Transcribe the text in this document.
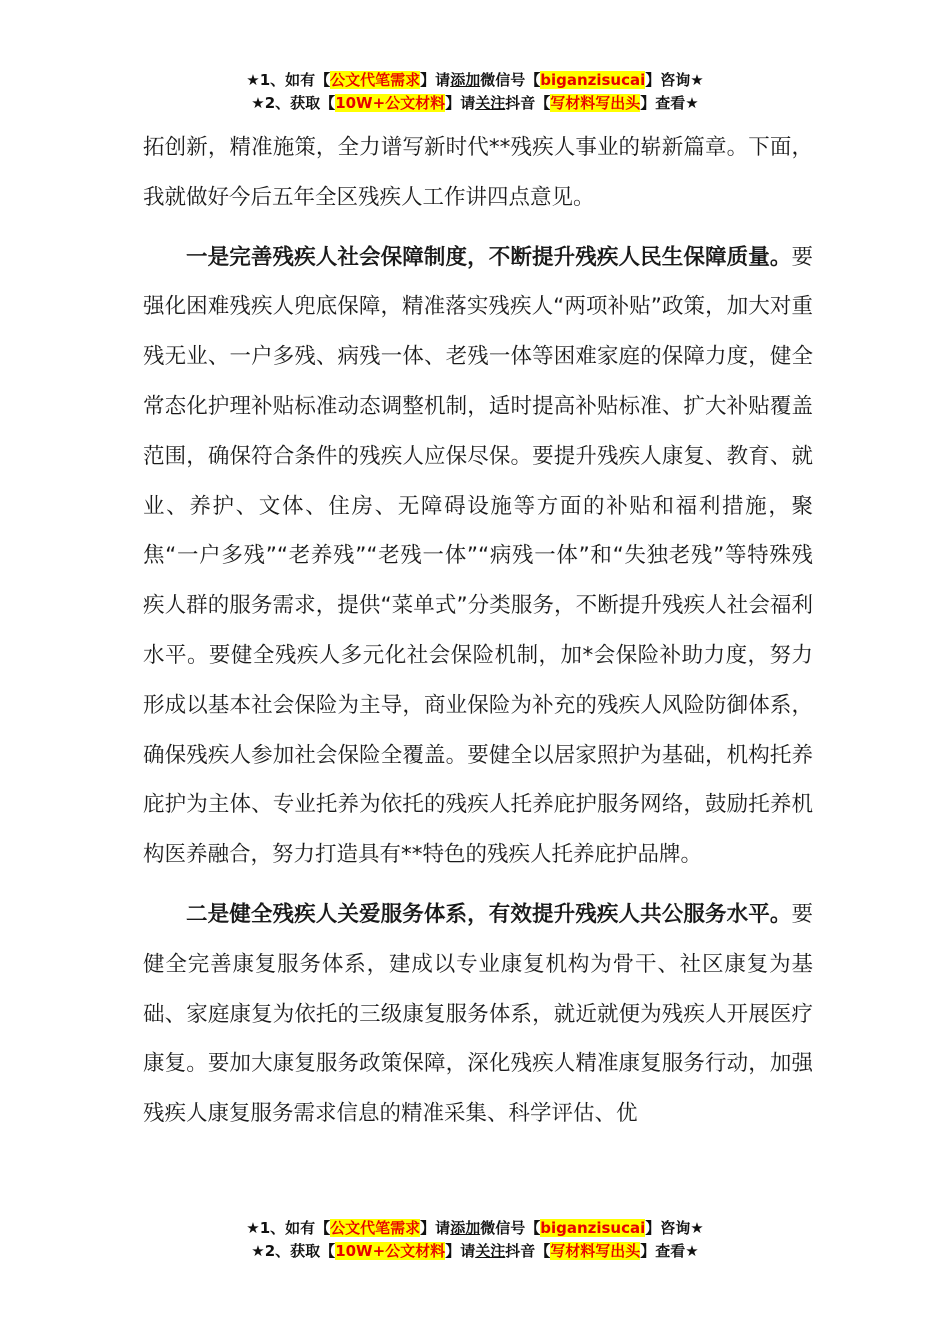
★1、如有【公文代笔需求】请添加微信号【biganzisucai】咨询★
★2、获取【10W+公文材料】请关注抖音【写材料写出头】查看★

拓创新，精准施策，全力谱写新时代**残疾人事业的崭新篇章。下面，我就做好今后五年全区残疾人工作讲四点意见。

一是完善残疾人社会保障制度，不断提升残疾人民生保障质量。要强化困难残疾人兜底保障，精准落实残疾人“两项补贴”政策，加大对重残无业、一户多残、病残一体、老残一体等困难家庭的保障力度，健全常态化护理补贴标准动态调整机制，适时提高补贴标准、扩大补贴覆盖范围，确保符合条件的残疾人应保尽保。要提升残疾人康复、教育、就业、养护、文体、住房、无障碍设施等方面的补贴和福利措施，聚焦“一户多残”“老养残”“老残一体”“病残一体”和“失独老残”等特殊残疾人群的服务需求，提供“菜单式”分类服务，不断提升残疾人社会福利水平。要健全残疾人多元化社会保险机制，加*会保险补助力度，努力形成以基本社会保险为主导，商业保险为补充的残疾人风险防御体系，确保残疾人参加社会保险全覆盖。要健全以居家照护为基础，机构托养庇护为主体、专业托养为依托的残疾人托养庇护服务网络，鼓励托养机构医养融合，努力打造具有**特色的残疾人托养庇护品牌。

二是健全残疾人关爱服务体系，有效提升残疾人共公服务水平。要健全完善康复服务体系，建成以专业康复机构为骨干、社区康复为基础、家庭康复为依托的三级康复服务体系，就近就便为残疾人开展医疗康复。要加大康复服务政策保障，深化残疾人精准康复服务行动，加强残疾人康复服务需求信息的精准采集、科学评估、优

★1、如有【公文代笔需求】请添加微信号【biganzisucai】咨询★
★2、获取【10W+公文材料】请关注抖音【写材料写出头】查看★
